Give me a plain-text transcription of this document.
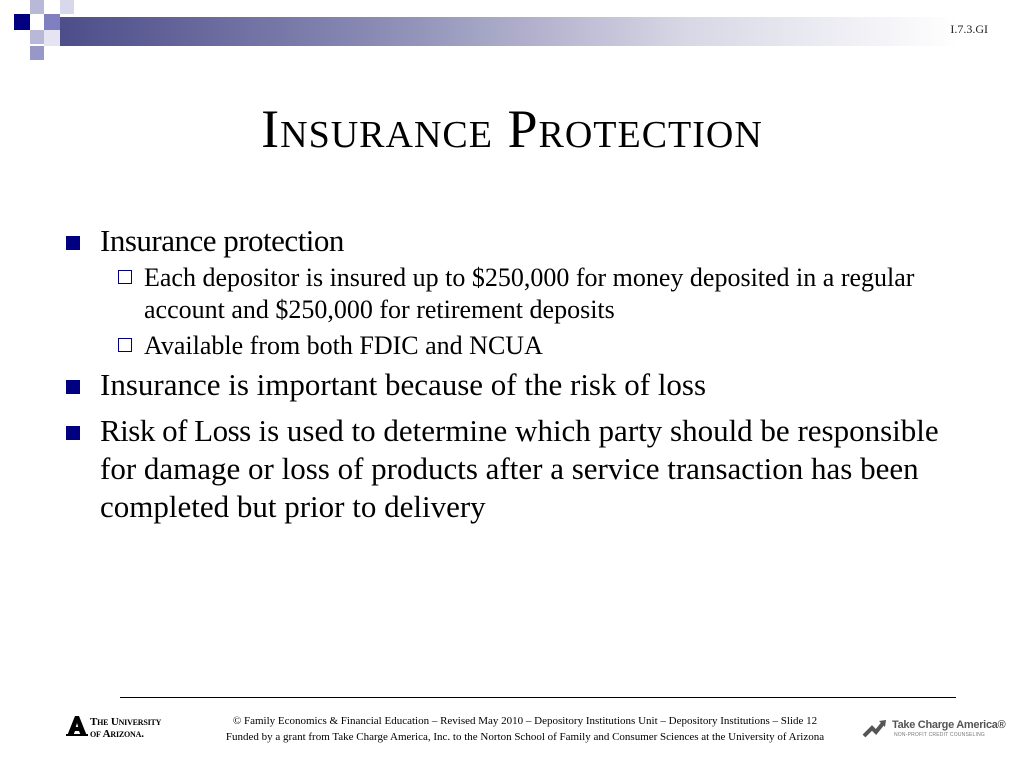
I.7.3.GI
Insurance Protection
Insurance protection
Each depositor is insured up to $250,000 for money deposited in a regular account and $250,000 for retirement deposits
Available from both FDIC and NCUA
Insurance is important because of the risk of loss
Risk of Loss is used to determine which party should be responsible for damage or loss of products after a service transaction has been completed but prior to delivery
The University
of Arizona.
© Family Economics & Financial Education – Revised May 2010 – Depository Institutions Unit – Depository Institutions – Slide 12
Funded by a grant from Take Charge America, Inc. to the Norton School of Family and Consumer Sciences at the University of Arizona
Take Charge America®
NON-PROFIT CREDIT COUNSELING
